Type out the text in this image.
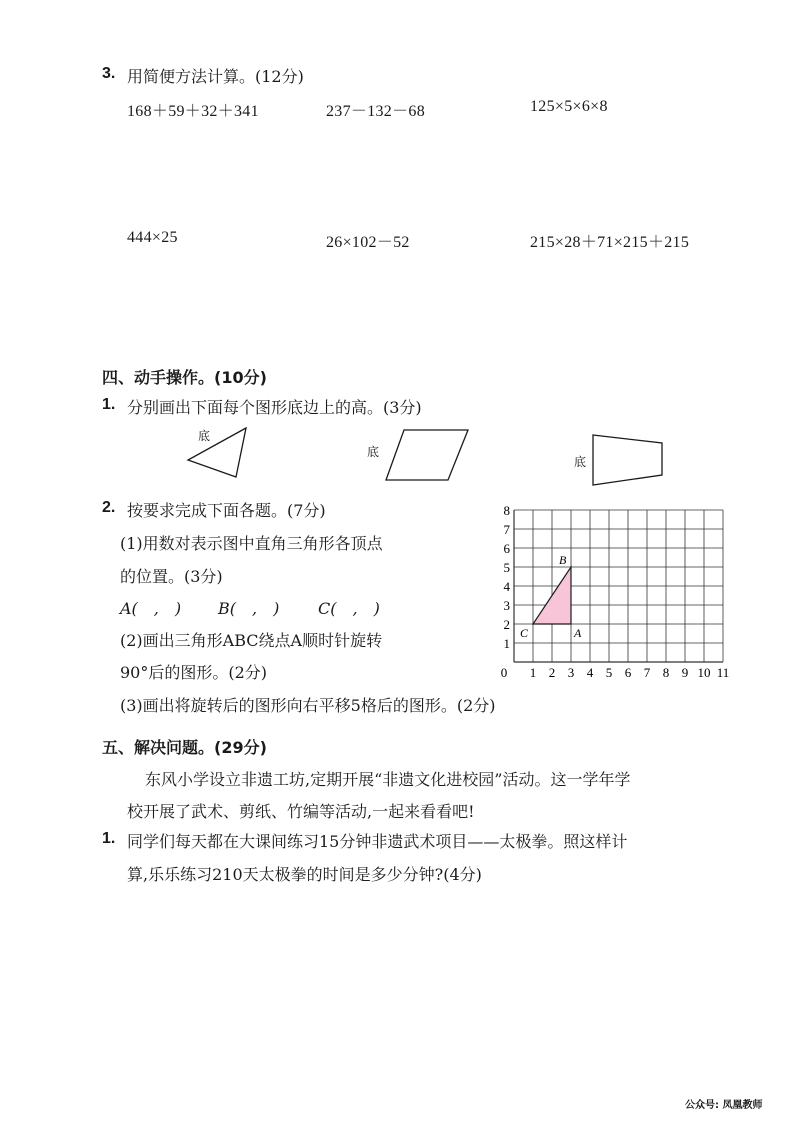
3. 用简便方法计算。(12分)
168＋59＋32＋341	237－132－68	125×5×6×8
444×25	26×102－52	215×28＋71×215＋215
四、动手操作。(10分)
1. 分别画出下面每个图形底边上的高。(3分)
底
底
底
2. 按要求完成下面各题。(7分)
(1)用数对表示图中直角三角形各顶点
的位置。(3分)
A(　,　) B(　,　) C(　,　)
(2)画出三角形ABC绕点A顺时针旋转
90°后的图形。(2分)
(3)画出将旋转后的图形向右平移5格后的图形。(2分)
0 1 2 3 4 5 6 7 8 9 10 11
1
2
3
4
5
6
7
8
A
B
C
五、解决问题。(29分)
东风小学设立非遗工坊,定期开展“非遗文化进校园”活动。这一学年学
校开展了武术、剪纸、竹编等活动,一起来看看吧!
1. 同学们每天都在大课间练习15分钟非遗武术项目——太极拳。照这样计
算,乐乐练习210天太极拳的时间是多少分钟?(4分)
公众号: 凤凰教师
